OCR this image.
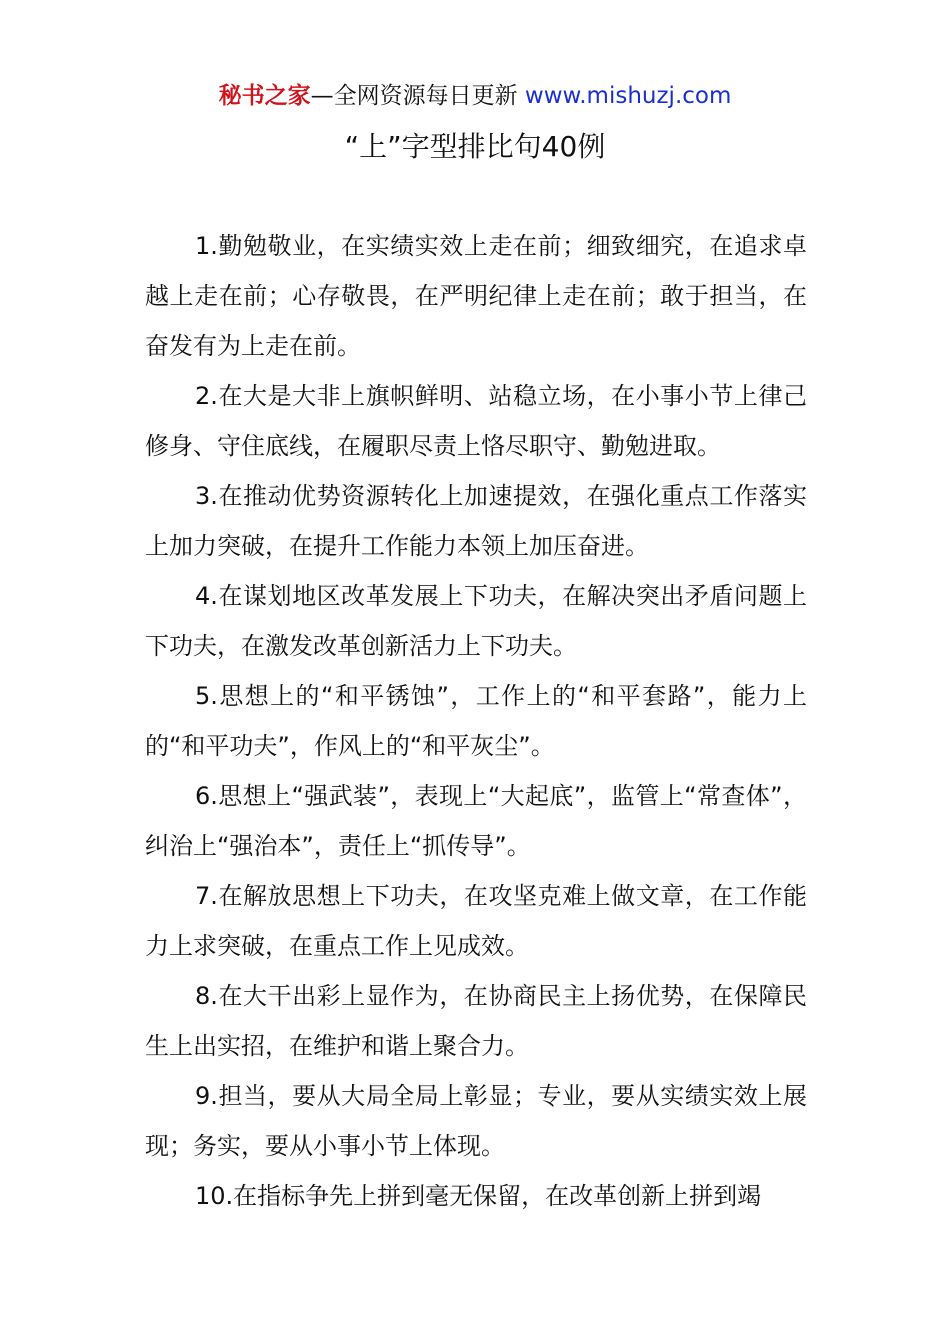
秘书之家—全网资源每日更新 www.mishuzj.com
“上”字型排比句40例

1.勤勉敬业，在实绩实效上走在前；细致细究，在追求卓越上走在前；心存敬畏，在严明纪律上走在前；敢于担当，在奋发有为上走在前。

2.在大是大非上旗帜鲜明、站稳立场，在小事小节上律己修身、守住底线，在履职尽责上恪尽职守、勤勉进取。

3.在推动优势资源转化上加速提效，在强化重点工作落实上加力突破，在提升工作能力本领上加压奋进。

4.在谋划地区改革发展上下功夫，在解决突出矛盾问题上下功夫，在激发改革创新活力上下功夫。

5.思想上的“和平锈蚀”，工作上的“和平套路”，能力上的“和平功夫”，作风上的“和平灰尘”。

6.思想上“强武装”，表现上“大起底”，监管上“常查体”，纠治上“强治本”，责任上“抓传导”。

7.在解放思想上下功夫，在攻坚克难上做文章，在工作能力上求突破，在重点工作上见成效。

8.在大干出彩上显作为，在协商民主上扬优势，在保障民生上出实招，在维护和谐上聚合力。

9.担当，要从大局全局上彰显；专业，要从实绩实效上展现；务实，要从小事小节上体现。

10.在指标争先上拼到毫无保留，在改革创新上拼到竭
